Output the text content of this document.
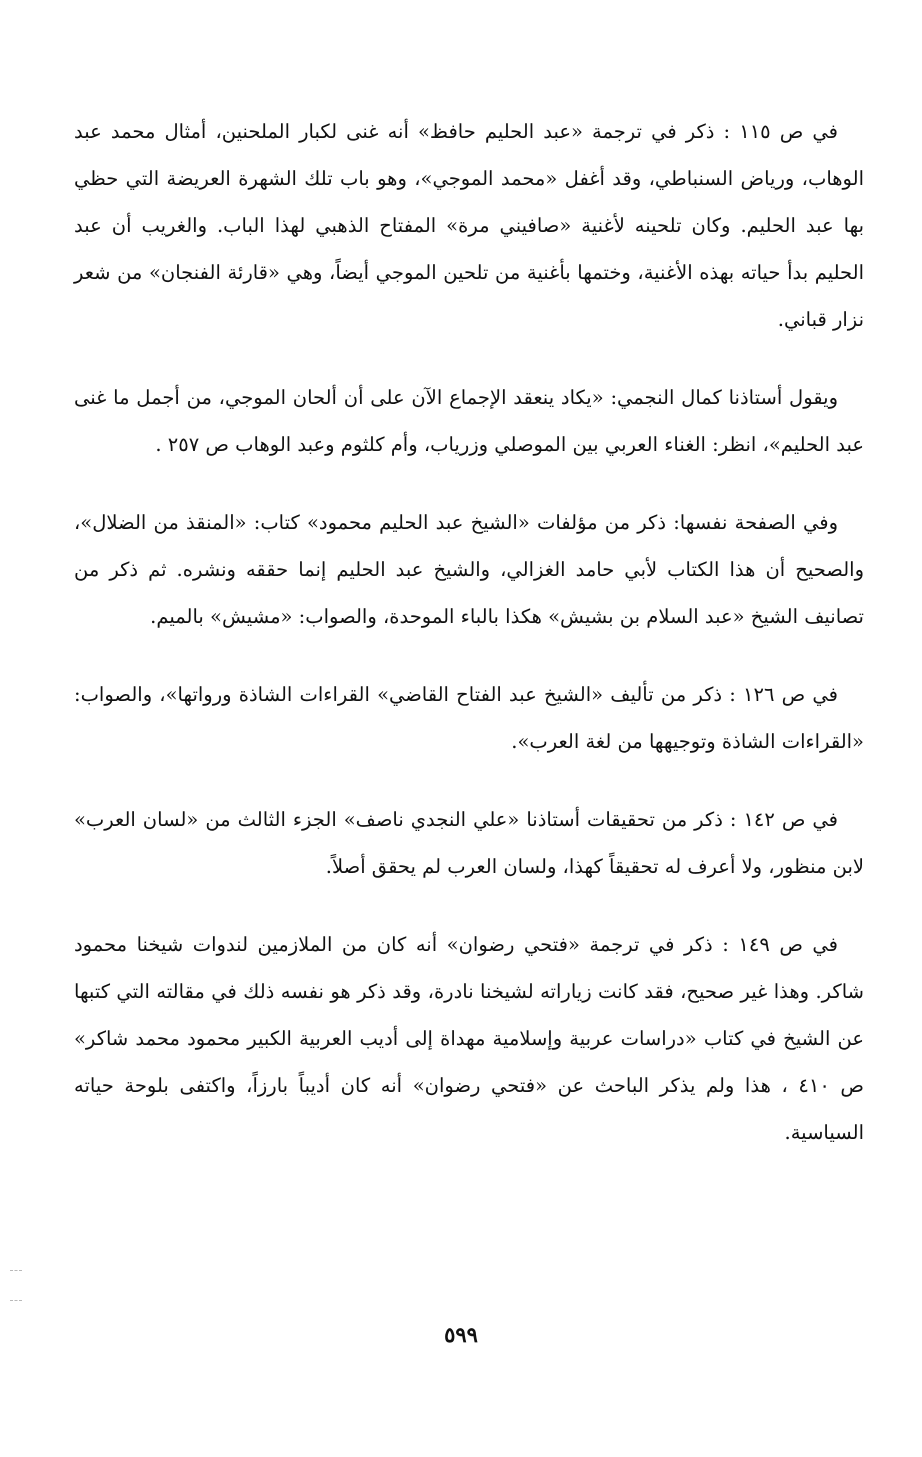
في ص ١١٥ : ذكر في ترجمة «عبد الحليم حافظ» أنه غنى لكبار الملحنين، أمثال محمد عبد الوهاب، ورياض السنباطي، وقد أغفل «محمد الموجي»، وهو باب تلك الشهرة العريضة التي حظي بها عبد الحليم. وكان تلحينه لأغنية «صافيني مرة» المفتاح الذهبي لهذا الباب. والغريب أن عبد الحليم بدأ حياته بهذه الأغنية، وختمها بأغنية من تلحين الموجي أيضاً، وهي «قارئة الفنجان» من شعر نزار قباني.

ويقول أستاذنا كمال النجمي: «يكاد ينعقد الإجماع الآن على أن ألحان الموجي، من أجمل ما غنى عبد الحليم»، انظر: الغناء العربي بين الموصلي وزرياب، وأم كلثوم وعبد الوهاب ص ٢٥٧ .

وفي الصفحة نفسها: ذكر من مؤلفات «الشيخ عبد الحليم محمود» كتاب: «المنقذ من الضلال»، والصحيح أن هذا الكتاب لأبي حامد الغزالي، والشيخ عبد الحليم إنما حققه ونشره. ثم ذكر من تصانيف الشيخ «عبد السلام بن بشيش» هكذا بالباء الموحدة، والصواب: «مشيش» بالميم.

في ص ١٢٦ : ذكر من تأليف «الشيخ عبد الفتاح القاضي» القراءات الشاذة ورواتها»، والصواب: «القراءات الشاذة وتوجيهها من لغة العرب».

في ص ١٤٢ : ذكر من تحقيقات أستاذنا «علي النجدي ناصف» الجزء الثالث من «لسان العرب» لابن منظور، ولا أعرف له تحقيقاً كهذا، ولسان العرب لم يحقق أصلاً.

في ص ١٤٩ : ذكر في ترجمة «فتحي رضوان» أنه كان من الملازمين لندوات شيخنا محمود شاكر. وهذا غير صحيح، فقد كانت زياراته لشيخنا نادرة، وقد ذكر هو نفسه ذلك في مقالته التي كتبها عن الشيخ في كتاب «دراسات عربية وإسلامية مهداة إلى أديب العربية الكبير محمود محمد شاكر» ص ٤١٠ ، هذا ولم يذكر الباحث عن «فتحي رضوان» أنه كان أديباً بارزاً، واكتفى بلوحة حياته السياسية.

٥٩٩
